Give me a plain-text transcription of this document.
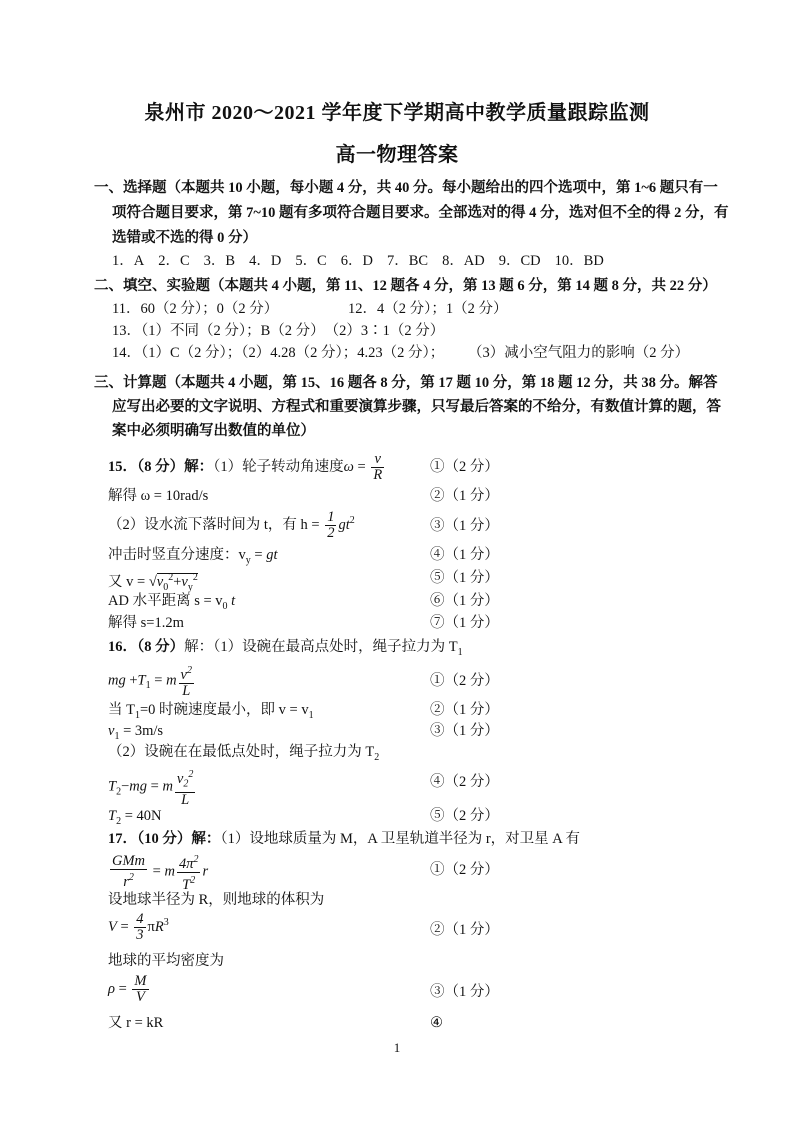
泉州市 2020～2021 学年度下学期高中教学质量跟踪监测
高一物理答案
一、选择题（本题共 10 小题，每小题 4 分，共 40 分。每小题给出的四个选项中，第 1~6 题只有一
项符合题目要求，第 7~10 题有多项符合题目要求。全部选对的得 4 分，选对但不全的得 2 分，有
选错或不选的得 0 分）
1．A 2．C 3．B 4．D 5．C 6．D 7．BC 8．AD 9．CD 10．BD
二、填空、实验题（本题共 4 小题，第 11、12 题各 4 分，第 13 题 6 分，第 14 题 8 分，共 22 分）
11．60（2 分）；0（2 分）	12．4（2 分）；1（2 分）
13．（1）不同（2 分）；B（2 分）　（2）3∶1（2 分）
14．（1）C（2 分）；（2）4.28（2 分）；4.23（2 分）； （3）减小空气阻力的影响（2 分）
三、计算题（本题共 4 小题，第 15、16 题各 8 分，第 17 题 10 分，第 18 题 12 分，共 38 分。解答
应写出必要的文字说明、方程式和重要演算步骤，只写最后答案的不给分，有数值计算的题，答
案中必须明确写出数值的单位）
15．（8 分）解：（1）轮子转动角速度$\omega = \frac{v}{R}$	①（2 分）
解得 ω = 10rad/s	②（1 分）
（2）设水流下落时间为 t，有 $h = \frac{1}{2} gt^2$	③（1 分）
冲击时竖直分速度：$v_y$ = gt	④（1 分）
又 $v = √v_0^2+v_y^2$	⑤（1 分）
AD 水平距离 $s = v_0$ t	⑥（1 分）
解得 s=1.2m	⑦（1 分）
16．（8 分）解：（1）设碗在最高点处时，绳子拉力为 $T_1$
mg $+T_1 = m \frac{v^2}{L}$	①（2 分）
当 $T_1=0$ 时碗速度最小，即 $v = v_1$	②（1 分）
$v_1 = 3m/s$	③（1 分）
（2）设碗在在最低点处时，绳子拉力为 $T_2$
$T_2-mg = m \frac{v_2^2}{L}$	④（2 分）
$T_2 = 40N$	⑤（2 分）
17．（10 分）解：（1）设地球质量为 M，A 卫星轨道半径为 r，对卫星 A 有
$\frac{\text{GMm}}{r^2} = m \frac{4\pi^2}{T^2}$ r	①（2 分）
设地球半径为 R，则地球的体积为
$V = \frac{4}{3} \pi R^3$	②（1 分）
地球的平均密度为
$\rho = \frac{M}{V}$	③（1 分）
又 r = kR	④
1
